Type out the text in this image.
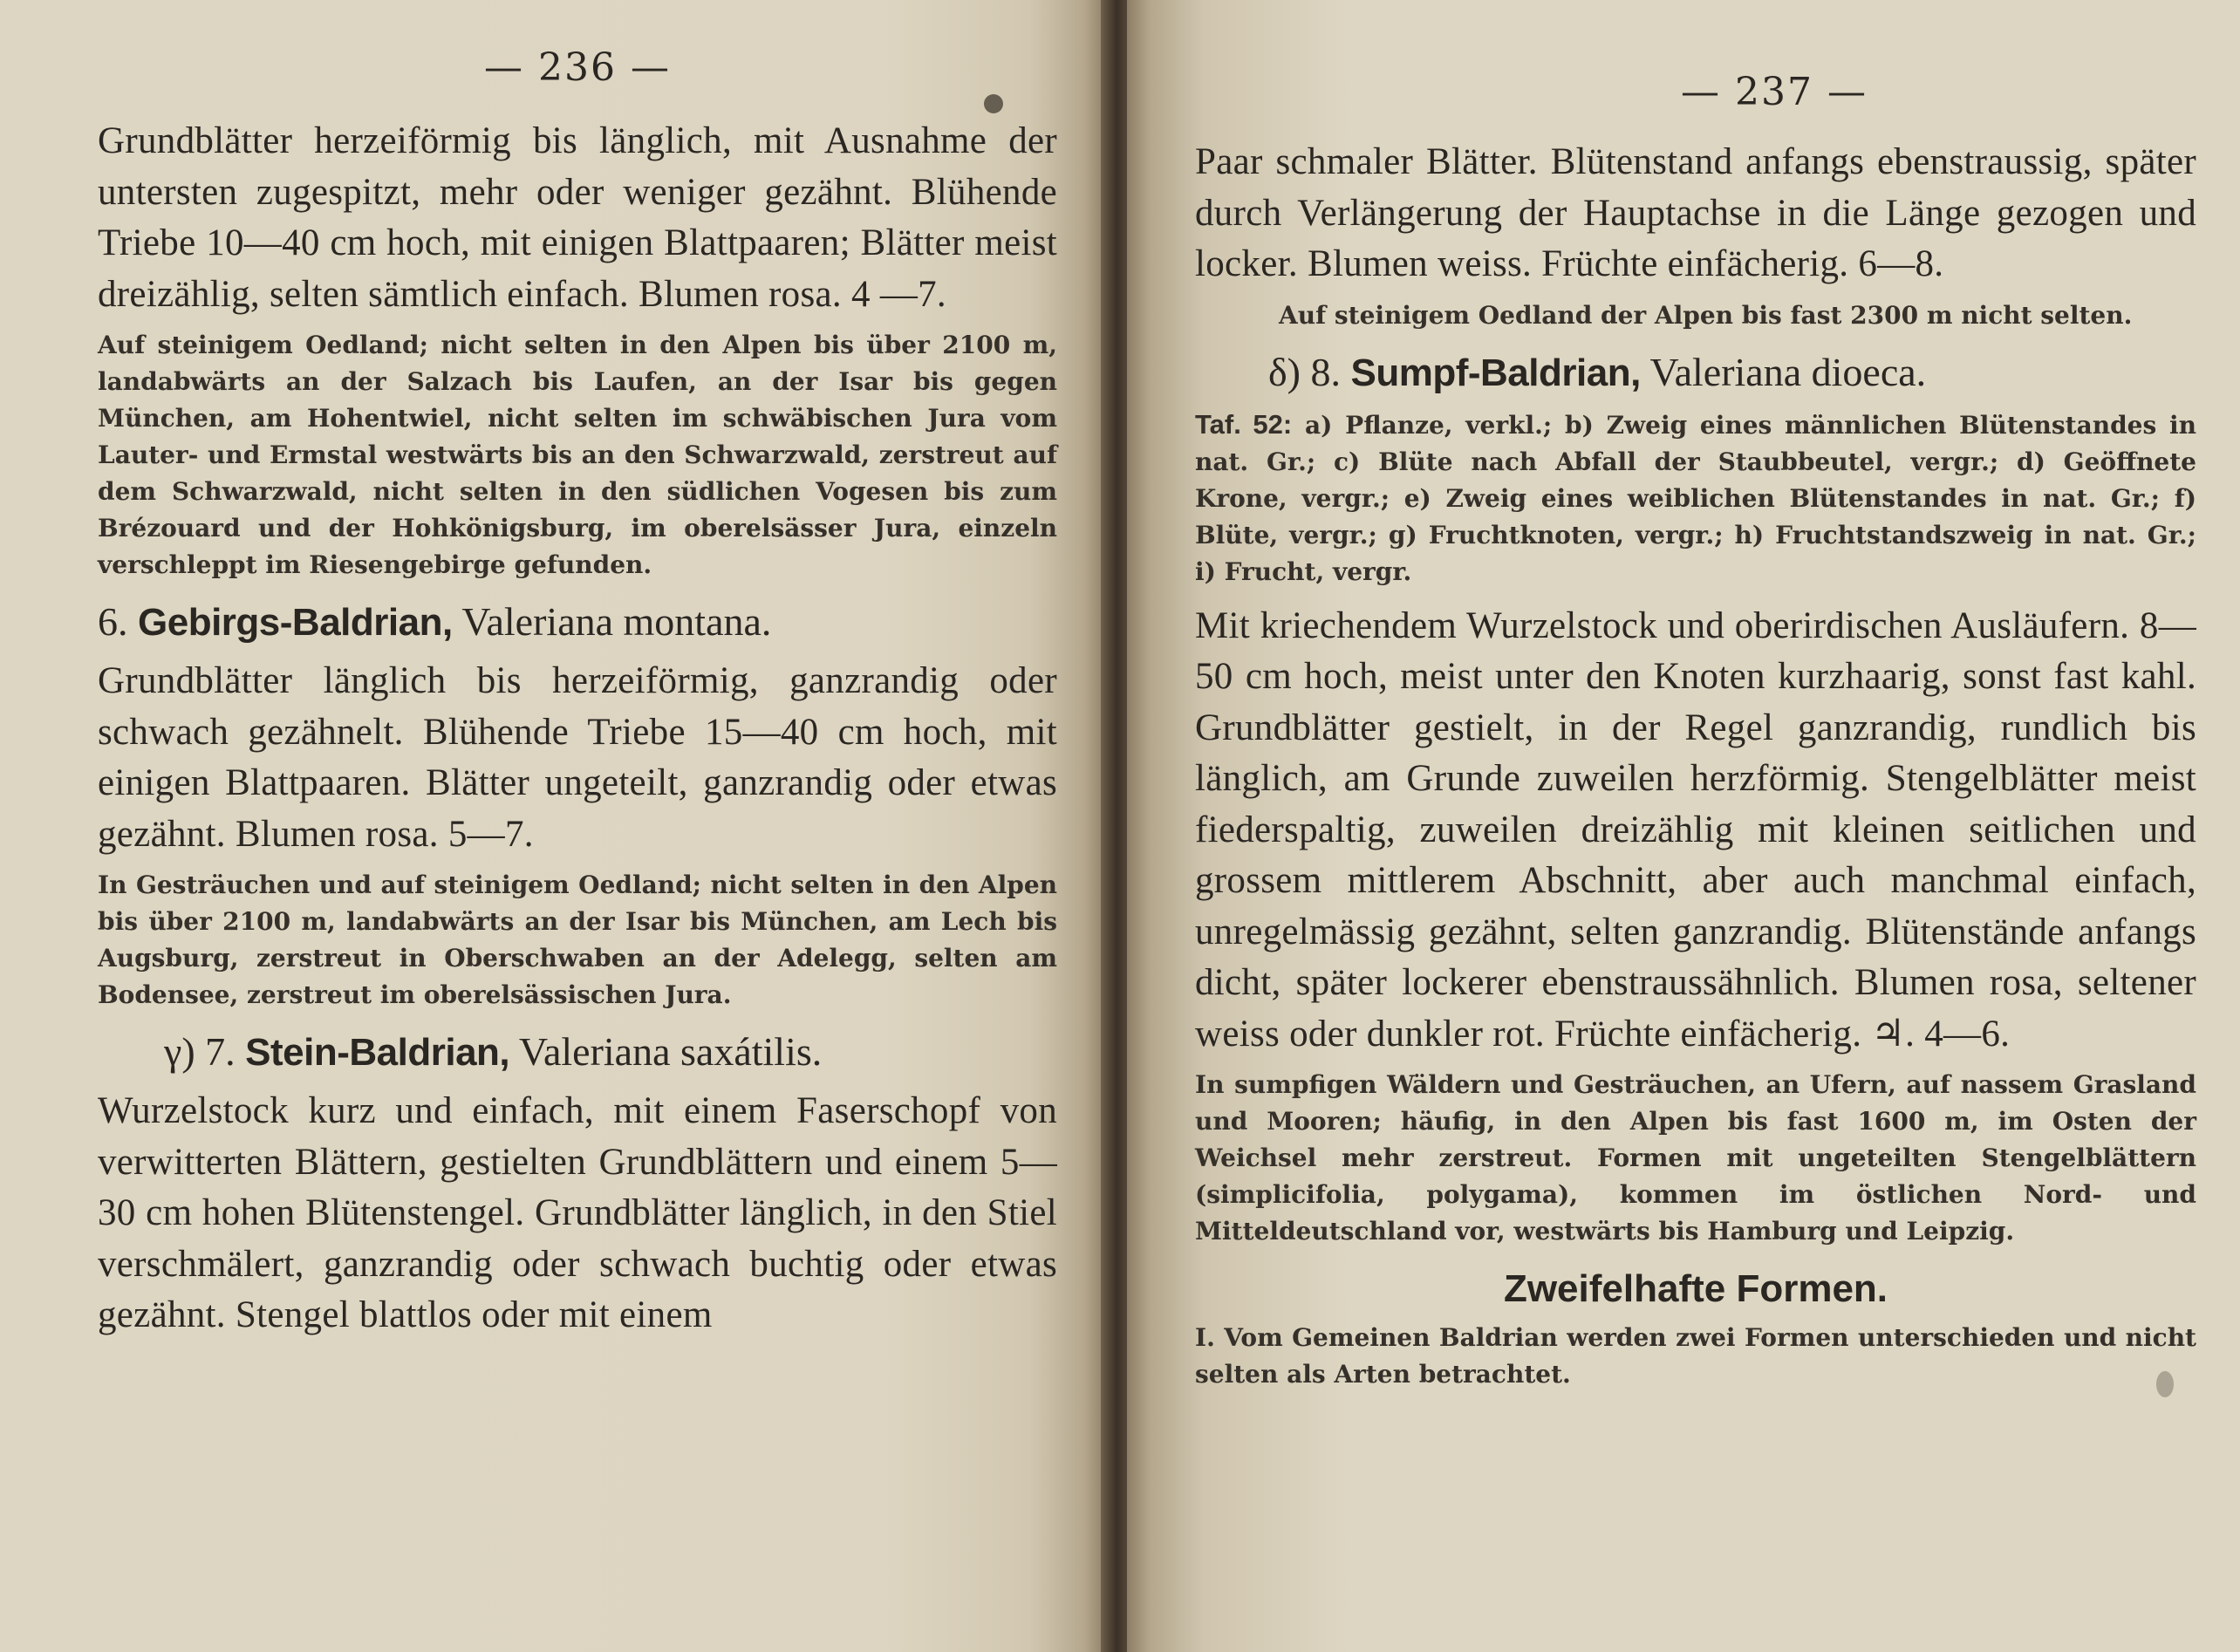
— 236 —

Grundblätter herzeiförmig bis länglich, mit Ausnahme der untersten zugespitzt, mehr oder weniger gezähnt. Blühende Triebe 10—40 cm hoch, mit einigen Blattpaaren; Blätter meist dreizählig, selten sämtlich einfach. Blumen rosa. 4 —7.

Auf steinigem Oedland; nicht selten in den Alpen bis über 2100 m, landabwärts an der Salzach bis Laufen, an der Isar bis gegen München, am Hohentwiel, nicht selten im schwäbischen Jura vom Lauter- und Ermstal westwärts bis an den Schwarzwald, zerstreut auf dem Schwarzwald, nicht selten in den südlichen Vogesen bis zum Brézouard und der Hohkönigsburg, im oberelsässer Jura, einzeln verschleppt im Riesengebirge gefunden.

6. Gebirgs-Baldrian, Valeriana montana.

Grundblätter länglich bis herzeiförmig, ganzrandig oder schwach gezähnelt. Blühende Triebe 15—40 cm hoch, mit einigen Blattpaaren. Blätter ungeteilt, ganzrandig oder etwas gezähnt. Blumen rosa. 5—7.

In Gesträuchen und auf steinigem Oedland; nicht selten in den Alpen bis über 2100 m, landabwärts an der Isar bis München, am Lech bis Augsburg, zerstreut in Oberschwaben an der Adelegg, selten am Bodensee, zerstreut im oberelsässischen Jura.

γ) 7. Stein-Baldrian, Valeriana saxátilis.

Wurzelstock kurz und einfach, mit einem Faserschopf von verwitterten Blättern, gestielten Grundblättern und einem 5—30 cm hohen Blütenstengel. Grundblätter länglich, in den Stiel verschmälert, ganzrandig oder schwach buchtig oder etwas gezähnt. Stengel blattlos oder mit einem

— 237 —

Paar schmaler Blätter. Blütenstand anfangs ebenstraussig, später durch Verlängerung der Hauptachse in die Länge gezogen und locker. Blumen weiss. Früchte einfächerig. 6—8.

Auf steinigem Oedland der Alpen bis fast 2300 m nicht selten.

δ) 8. Sumpf-Baldrian, Valeriana dioeca.

Taf. 52: a) Pflanze, verkl.; b) Zweig eines männlichen Blütenstandes in nat. Gr.; c) Blüte nach Abfall der Staubbeutel, vergr.; d) Geöffnete Krone, vergr.; e) Zweig eines weiblichen Blütenstandes in nat. Gr.; f) Blüte, vergr.; g) Fruchtknoten, vergr.; h) Fruchtstandszweig in nat. Gr.; i) Frucht, vergr.

Mit kriechendem Wurzelstock und oberirdischen Ausläufern. 8—50 cm hoch, meist unter den Knoten kurzhaarig, sonst fast kahl. Grundblätter gestielt, in der Regel ganzrandig, rundlich bis länglich, am Grunde zuweilen herzförmig. Stengelblätter meist fiederspaltig, zuweilen dreizählig mit kleinen seitlichen und grossem mittlerem Abschnitt, aber auch manchmal einfach, unregelmässig gezähnt, selten ganzrandig. Blütenstände anfangs dicht, später lockerer ebenstraussähnlich. Blumen rosa, seltener weiss oder dunkler rot. Früchte einfächerig. ♃. 4—6.

In sumpfigen Wäldern und Gesträuchen, an Ufern, auf nassem Grasland und Mooren; häufig, in den Alpen bis fast 1600 m, im Osten der Weichsel mehr zerstreut. Formen mit ungeteilten Stengelblättern (simplicifolia, polygama), kommen im östlichen Nord- und Mitteldeutschland vor, westwärts bis Hamburg und Leipzig.

Zweifelhafte Formen.

I. Vom Gemeinen Baldrian werden zwei Formen unterschieden und nicht selten als Arten betrachtet.
